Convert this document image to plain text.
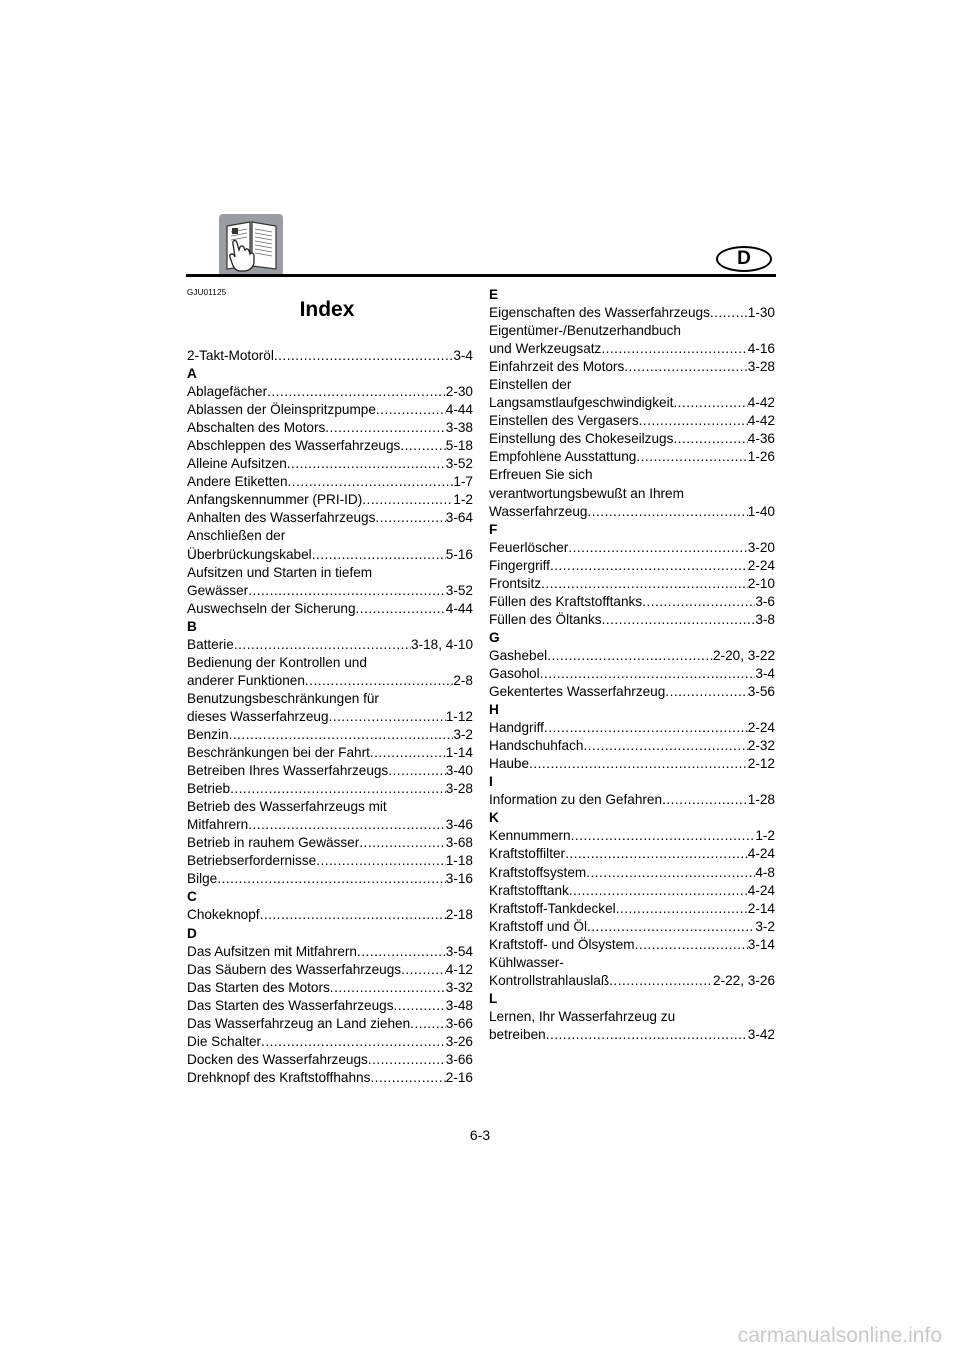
D
GJU01125
Index
2-Takt-Motoröl .....	3-4
A
Ablagefächer .....	2-30
Ablassen der Öleinspritzpumpe .....	4-44
Abschalten des Motors .....	3-38
Abschleppen des Wasserfahrzeugs .....	5-18
Alleine Aufsitzen .....	3-52
Andere Etiketten .....	1-7
Anfangskennummer (PRI-ID) .....	1-2
Anhalten des Wasserfahrzeugs .....	3-64
Anschließen der
Überbrückungskabel .....	5-16
Aufsitzen und Starten in tiefem
Gewässer .....	3-52
Auswechseln der Sicherung .....	4-44
B
Batterie .....	3-18, 4-10
Bedienung der Kontrollen und
anderer Funktionen .....	2-8
Benutzungsbeschränkungen für
dieses Wasserfahrzeug .....	1-12
Benzin .....	3-2
Beschränkungen bei der Fahrt .....	1-14
Betreiben Ihres Wasserfahrzeugs .....	3-40
Betrieb .....	3-28
Betrieb des Wasserfahrzeugs mit
Mitfahrern .....	3-46
Betrieb in rauhem Gewässer .....	3-68
Betriebserfordernisse .....	1-18
Bilge .....	3-16
C
Chokeknopf .....	2-18
D
Das Aufsitzen mit Mitfahrern .....	3-54
Das Säubern des Wasserfahrzeugs .....	4-12
Das Starten des Motors .....	3-32
Das Starten des Wasserfahrzeugs .....	3-48
Das Wasserfahrzeug an Land ziehen .....	3-66
Die Schalter .....	3-26
Docken des Wasserfahrzeugs .....	3-66
Drehknopf des Kraftstoffhahns .....	2-16
E
Eigenschaften des Wasserfahrzeugs .....	1-30
Eigentümer-/Benutzerhandbuch
und Werkzeugsatz .....	4-16
Einfahrzeit des Motors .....	3-28
Einstellen der
Langsamstlaufgeschwindigkeit .....	4-42
Einstellen des Vergasers .....	4-42
Einstellung des Chokeseilzugs .....	4-36
Empfohlene Ausstattung .....	1-26
Erfreuen Sie sich
verantwortungsbewußt an Ihrem
Wasserfahrzeug .....	1-40
F
Feuerlöscher .....	3-20
Fingergriff .....	2-24
Frontsitz .....	2-10
Füllen des Kraftstofftanks .....	3-6
Füllen des Öltanks .....	3-8
G
Gashebel .....	2-20, 3-22
Gasohol .....	3-4
Gekentertes Wasserfahrzeug .....	3-56
H
Handgriff .....	2-24
Handschuhfach .....	2-32
Haube .....	2-12
I
Information zu den Gefahren .....	1-28
K
Kennummern .....	1-2
Kraftstoffilter .....	4-24
Kraftstoffsystem .....	4-8
Kraftstofftank .....	4-24
Kraftstoff-Tankdeckel .....	2-14
Kraftstoff und Öl .....	3-2
Kraftstoff- und Ölsystem .....	3-14
Kühlwasser-
Kontrollstrahlauslaß .....	2-22, 3-26
L
Lernen, Ihr Wasserfahrzeug zu
betreiben .....	3-42
6-3
carmanualsonline.info
